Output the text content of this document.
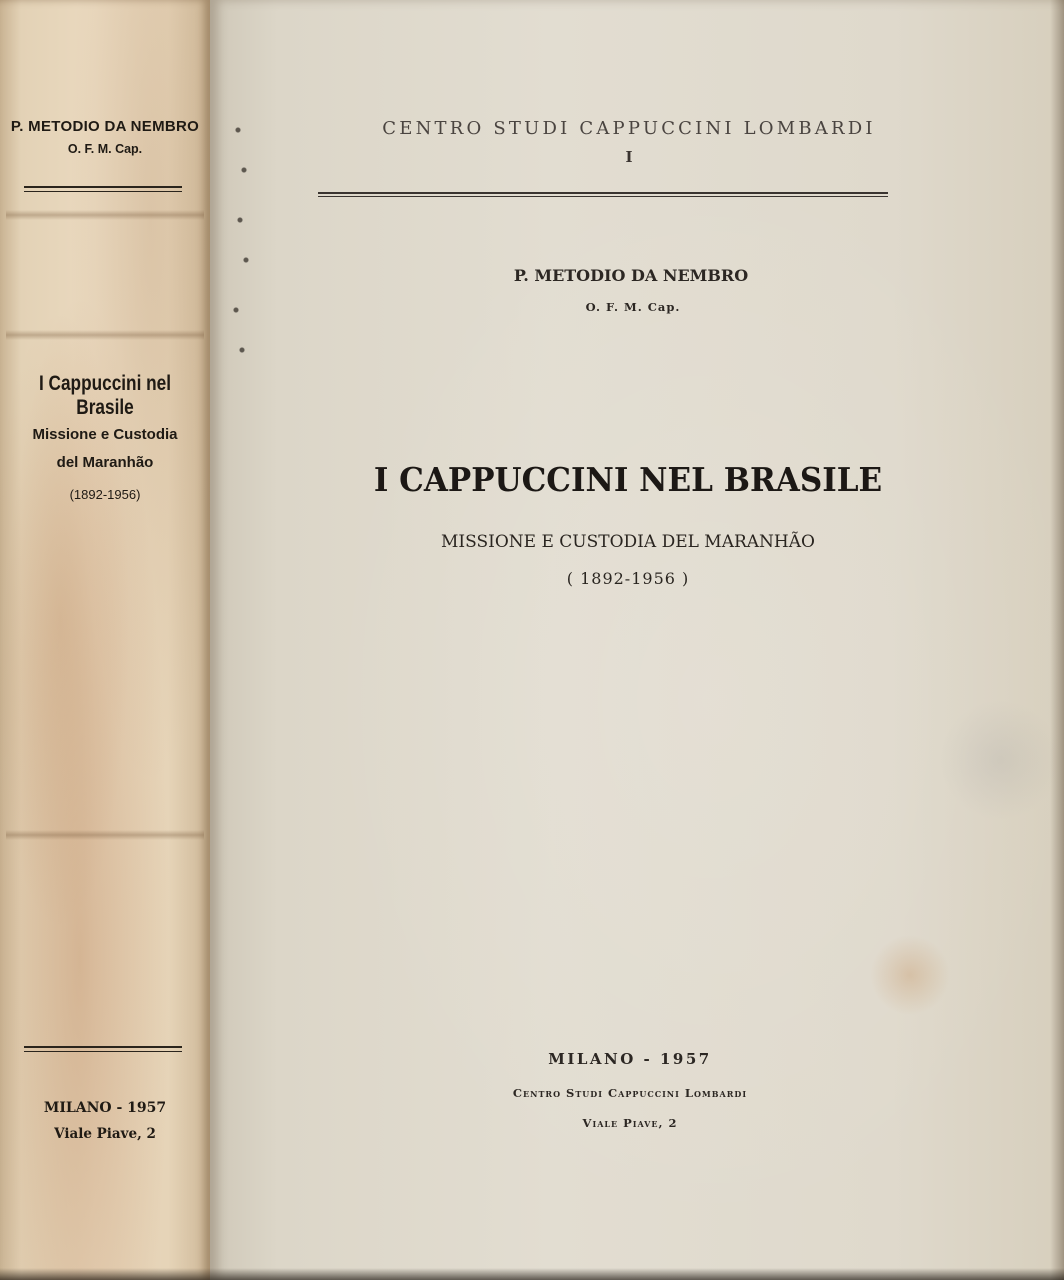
P. METODIO DA NEMBRO
O. F. M. Cap.
I Cappuccini nel Brasile
Missione e Custodia
del Maranhão
(1892-1956)
MILANO - 1957
Viale Piave, 2
CENTRO STUDI CAPPUCCINI LOMBARDI
I
P. METODIO DA NEMBRO
O. F. M. Cap.
I CAPPUCCINI NEL BRASILE
MISSIONE E CUSTODIA DEL MARANHÃO
( 1892-1956 )
MILANO - 1957
Centro Studi Cappuccini Lombardi
Viale Piave, 2
